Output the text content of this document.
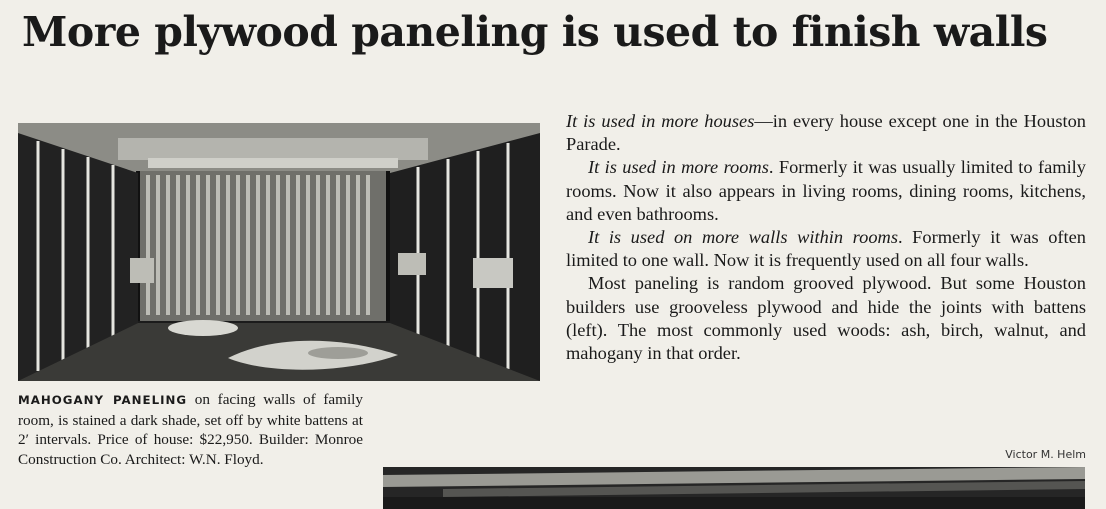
More plywood paneling is used to finish walls
MAHOGANY PANELING on facing walls of family room, is stained a dark shade, set off by white battens at 2′ intervals. Price of house: $22,950. Builder: Monroe Construction Co. Architect: W.N. Floyd.

It is used in more houses—in every house except one in the Houston Parade.

It is used in more rooms. Formerly it was usually limited to family rooms. Now it also appears in living rooms, dining rooms, kitchens, and even bathrooms.

It is used on more walls within rooms. Formerly it was often limited to one wall. Now it is frequently used on all four walls.

Most paneling is random grooved plywood. But some Houston builders use grooveless plywood and hide the joints with battens (left). The most commonly used woods: ash, birch, walnut, and mahogany in that order.

Victor M. Helm
